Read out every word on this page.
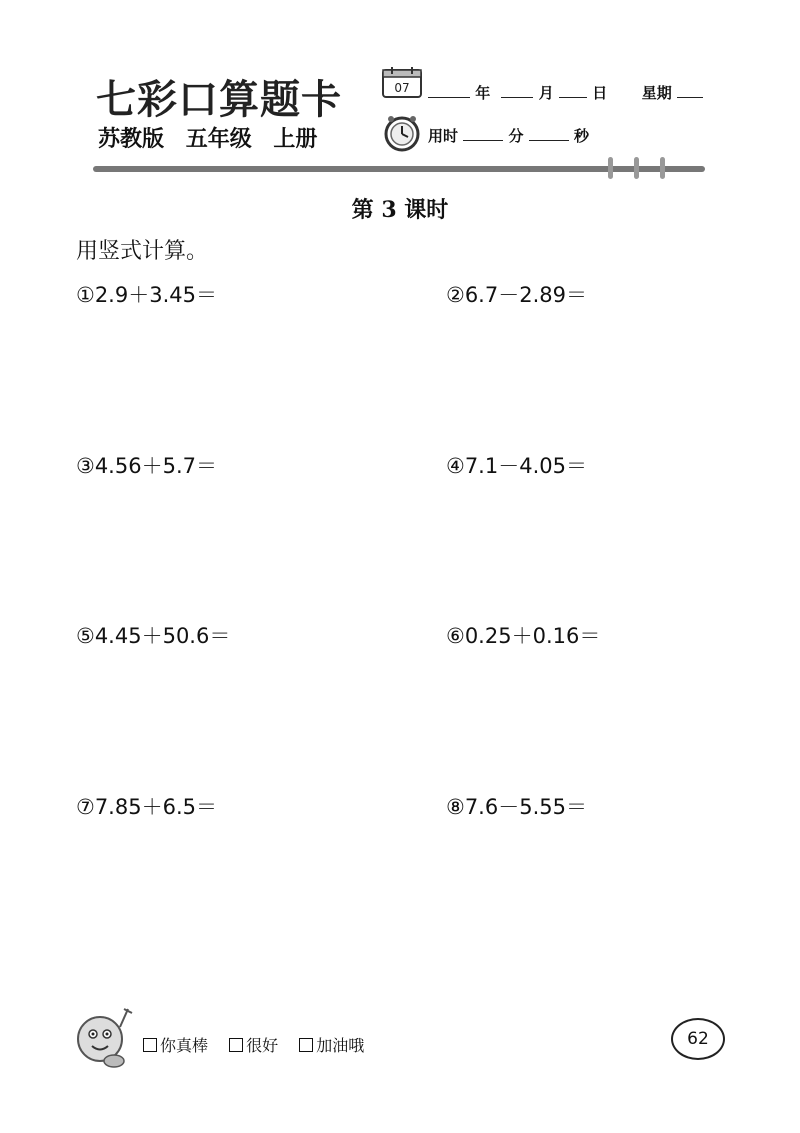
七彩口算题卡
苏教版 五年级 上册
07	年	月	日 星期
用时	分	秒
第 3 课时
用竖式计算。
①2.9＋3.45＝	②6.7－2.89＝
③4.56＋5.7＝	④7.1－4.05＝
⑤4.45＋50.6＝	⑥0.25＋0.16＝
⑦7.85＋6.5＝	⑧7.6－5.55＝
你真棒 很好 加油哦	62
